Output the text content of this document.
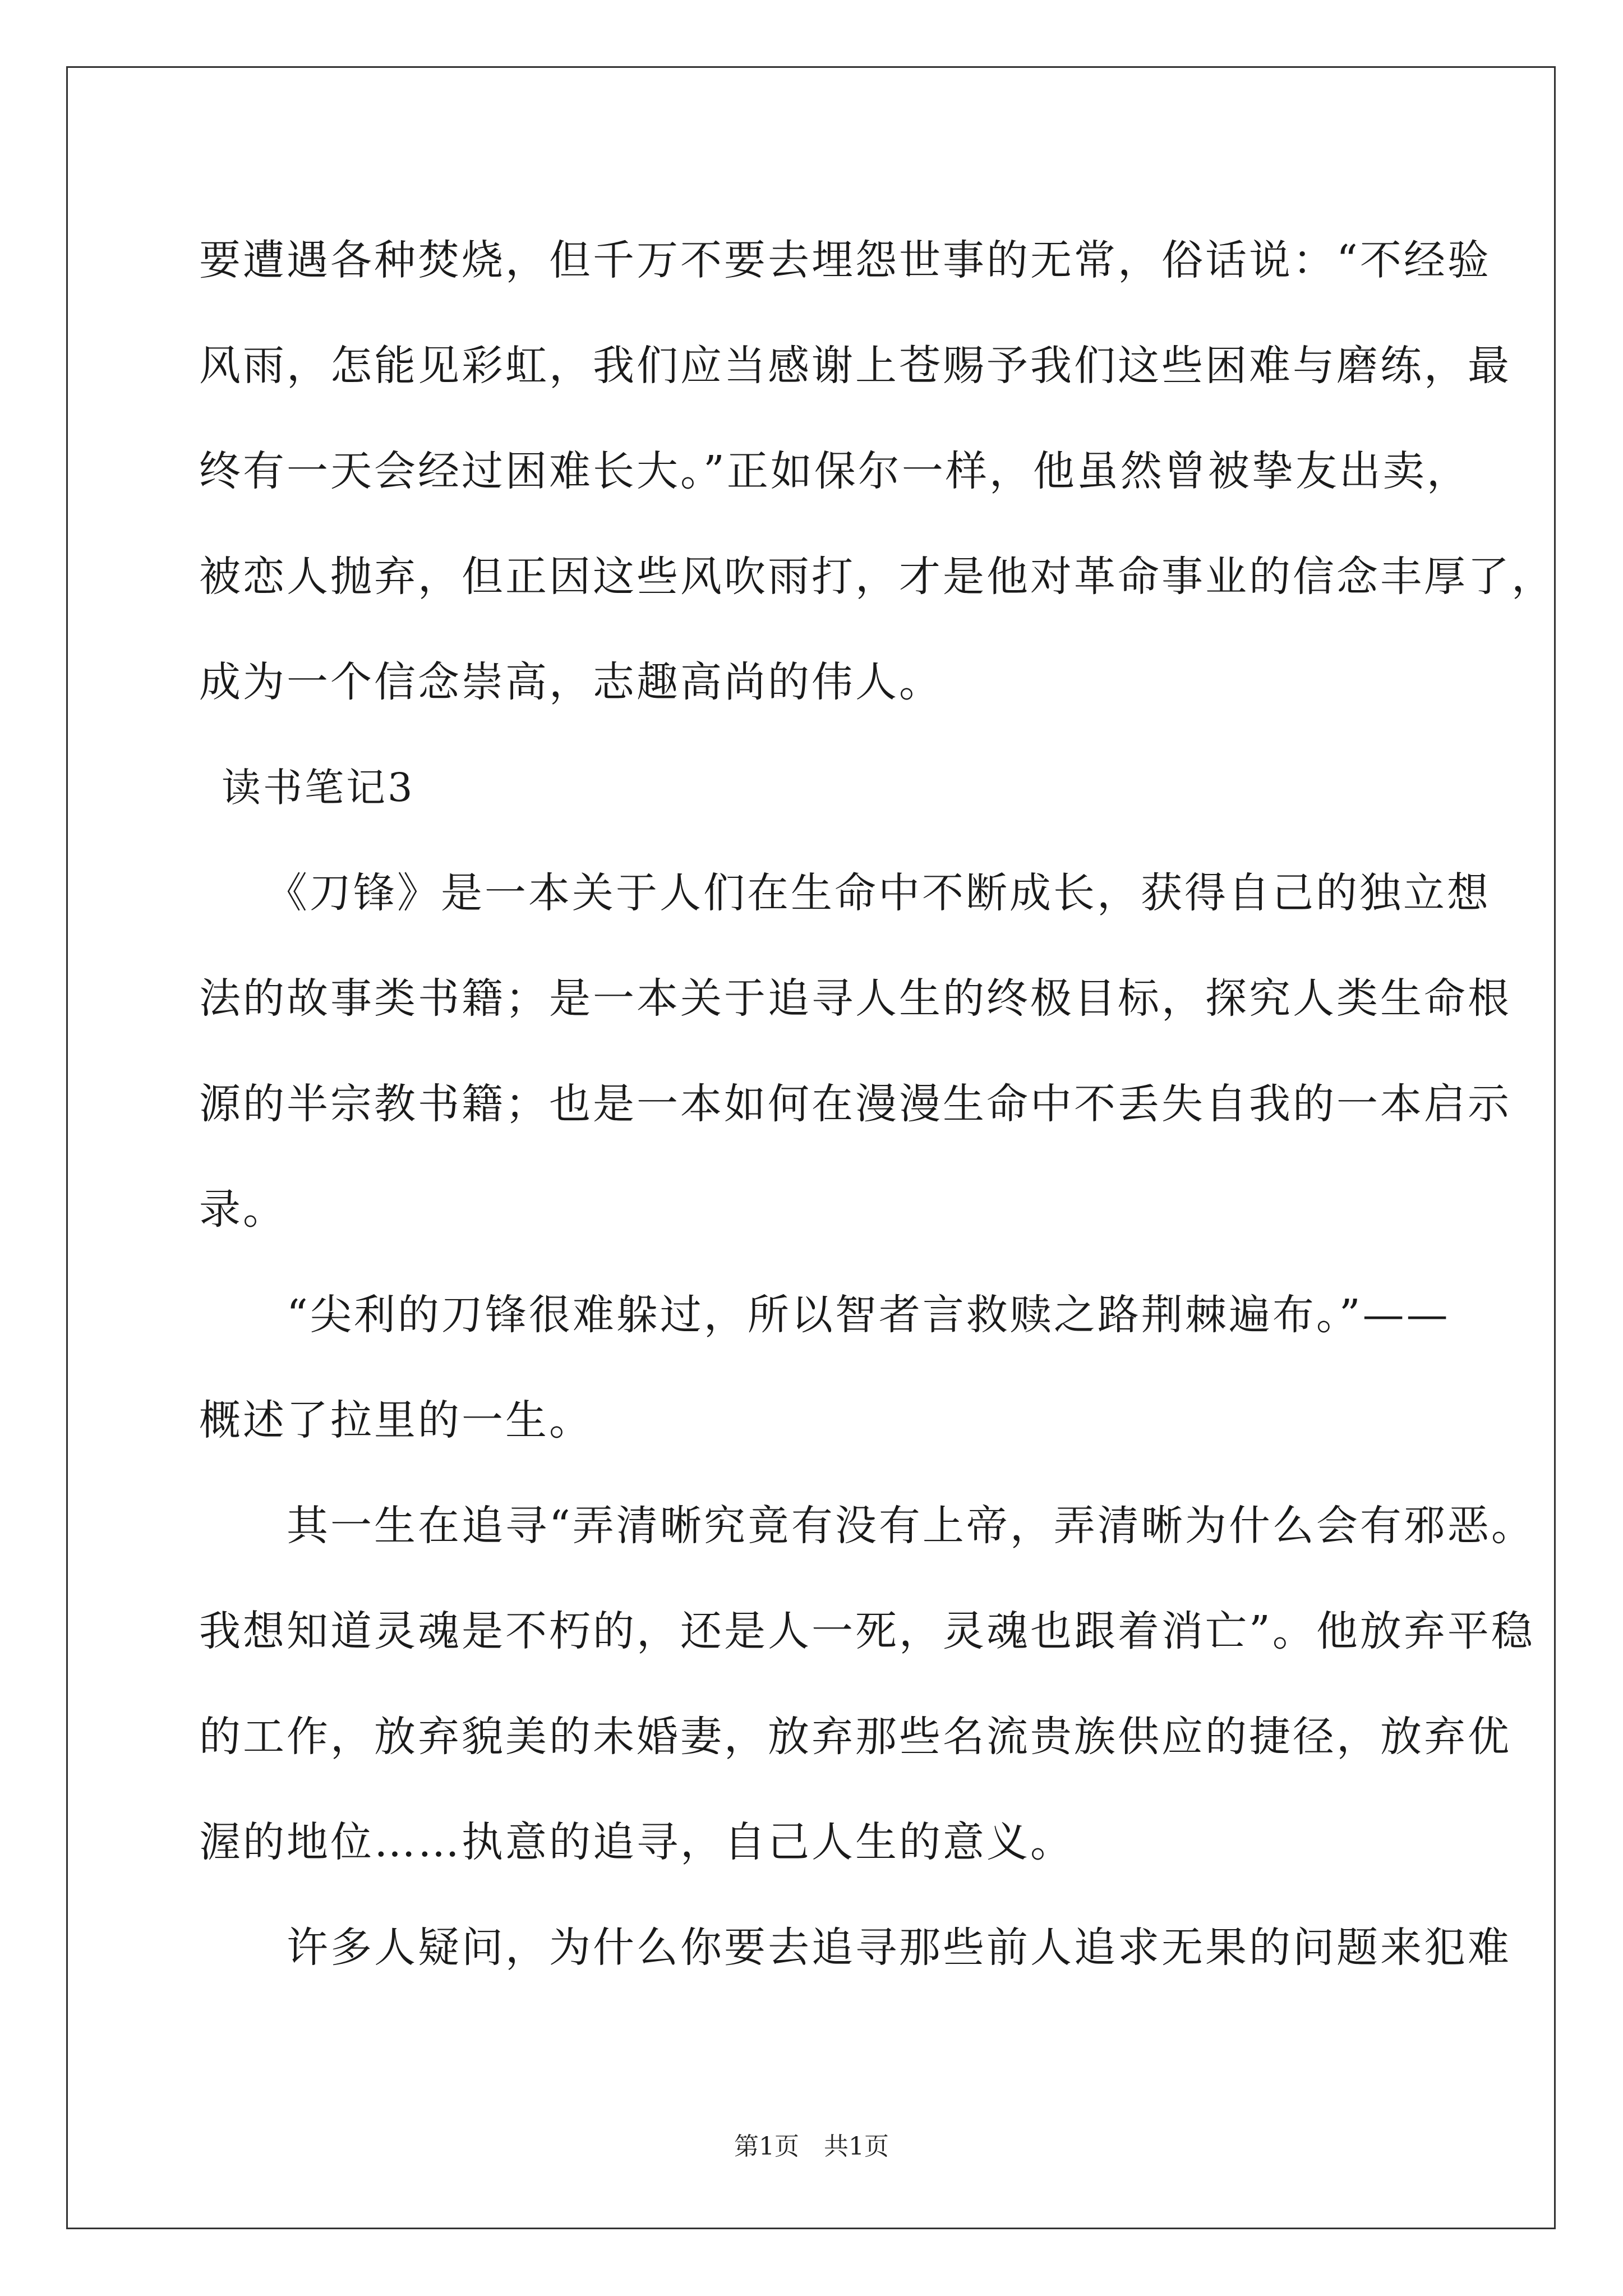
要遭遇各种焚烧，但千万不要去埋怨世事的无常，俗话说：“不经验
风雨，怎能见彩虹，我们应当感谢上苍赐予我们这些困难与磨练，最
终有一天会经过困难长大。”正如保尔一样，他虽然曾被挚友出卖，
被恋人抛弃，但正因这些风吹雨打，才是他对革命事业的信念丰厚了，
成为一个信念崇高，志趣高尚的伟人。
读书笔记3
　　《刀锋》是一本关于人们在生命中不断成长，获得自己的独立想
法的故事类书籍；是一本关于追寻人生的终极目标，探究人类生命根
源的半宗教书籍；也是一本如何在漫漫生命中不丢失自我的一本启示
录。
　　“尖利的刀锋很难躲过，所以智者言救赎之路荆棘遍布。”——
概述了拉里的一生。
　　其一生在追寻“弄清晰究竟有没有上帝，弄清晰为什么会有邪恶。
我想知道灵魂是不朽的，还是人一死，灵魂也跟着消亡”。他放弃平稳
的工作，放弃貌美的未婚妻，放弃那些名流贵族供应的捷径，放弃优
渥的地位……执意的追寻，自己人生的意义。
　　许多人疑问，为什么你要去追寻那些前人追求无果的问题来犯难
第1页　共1页
